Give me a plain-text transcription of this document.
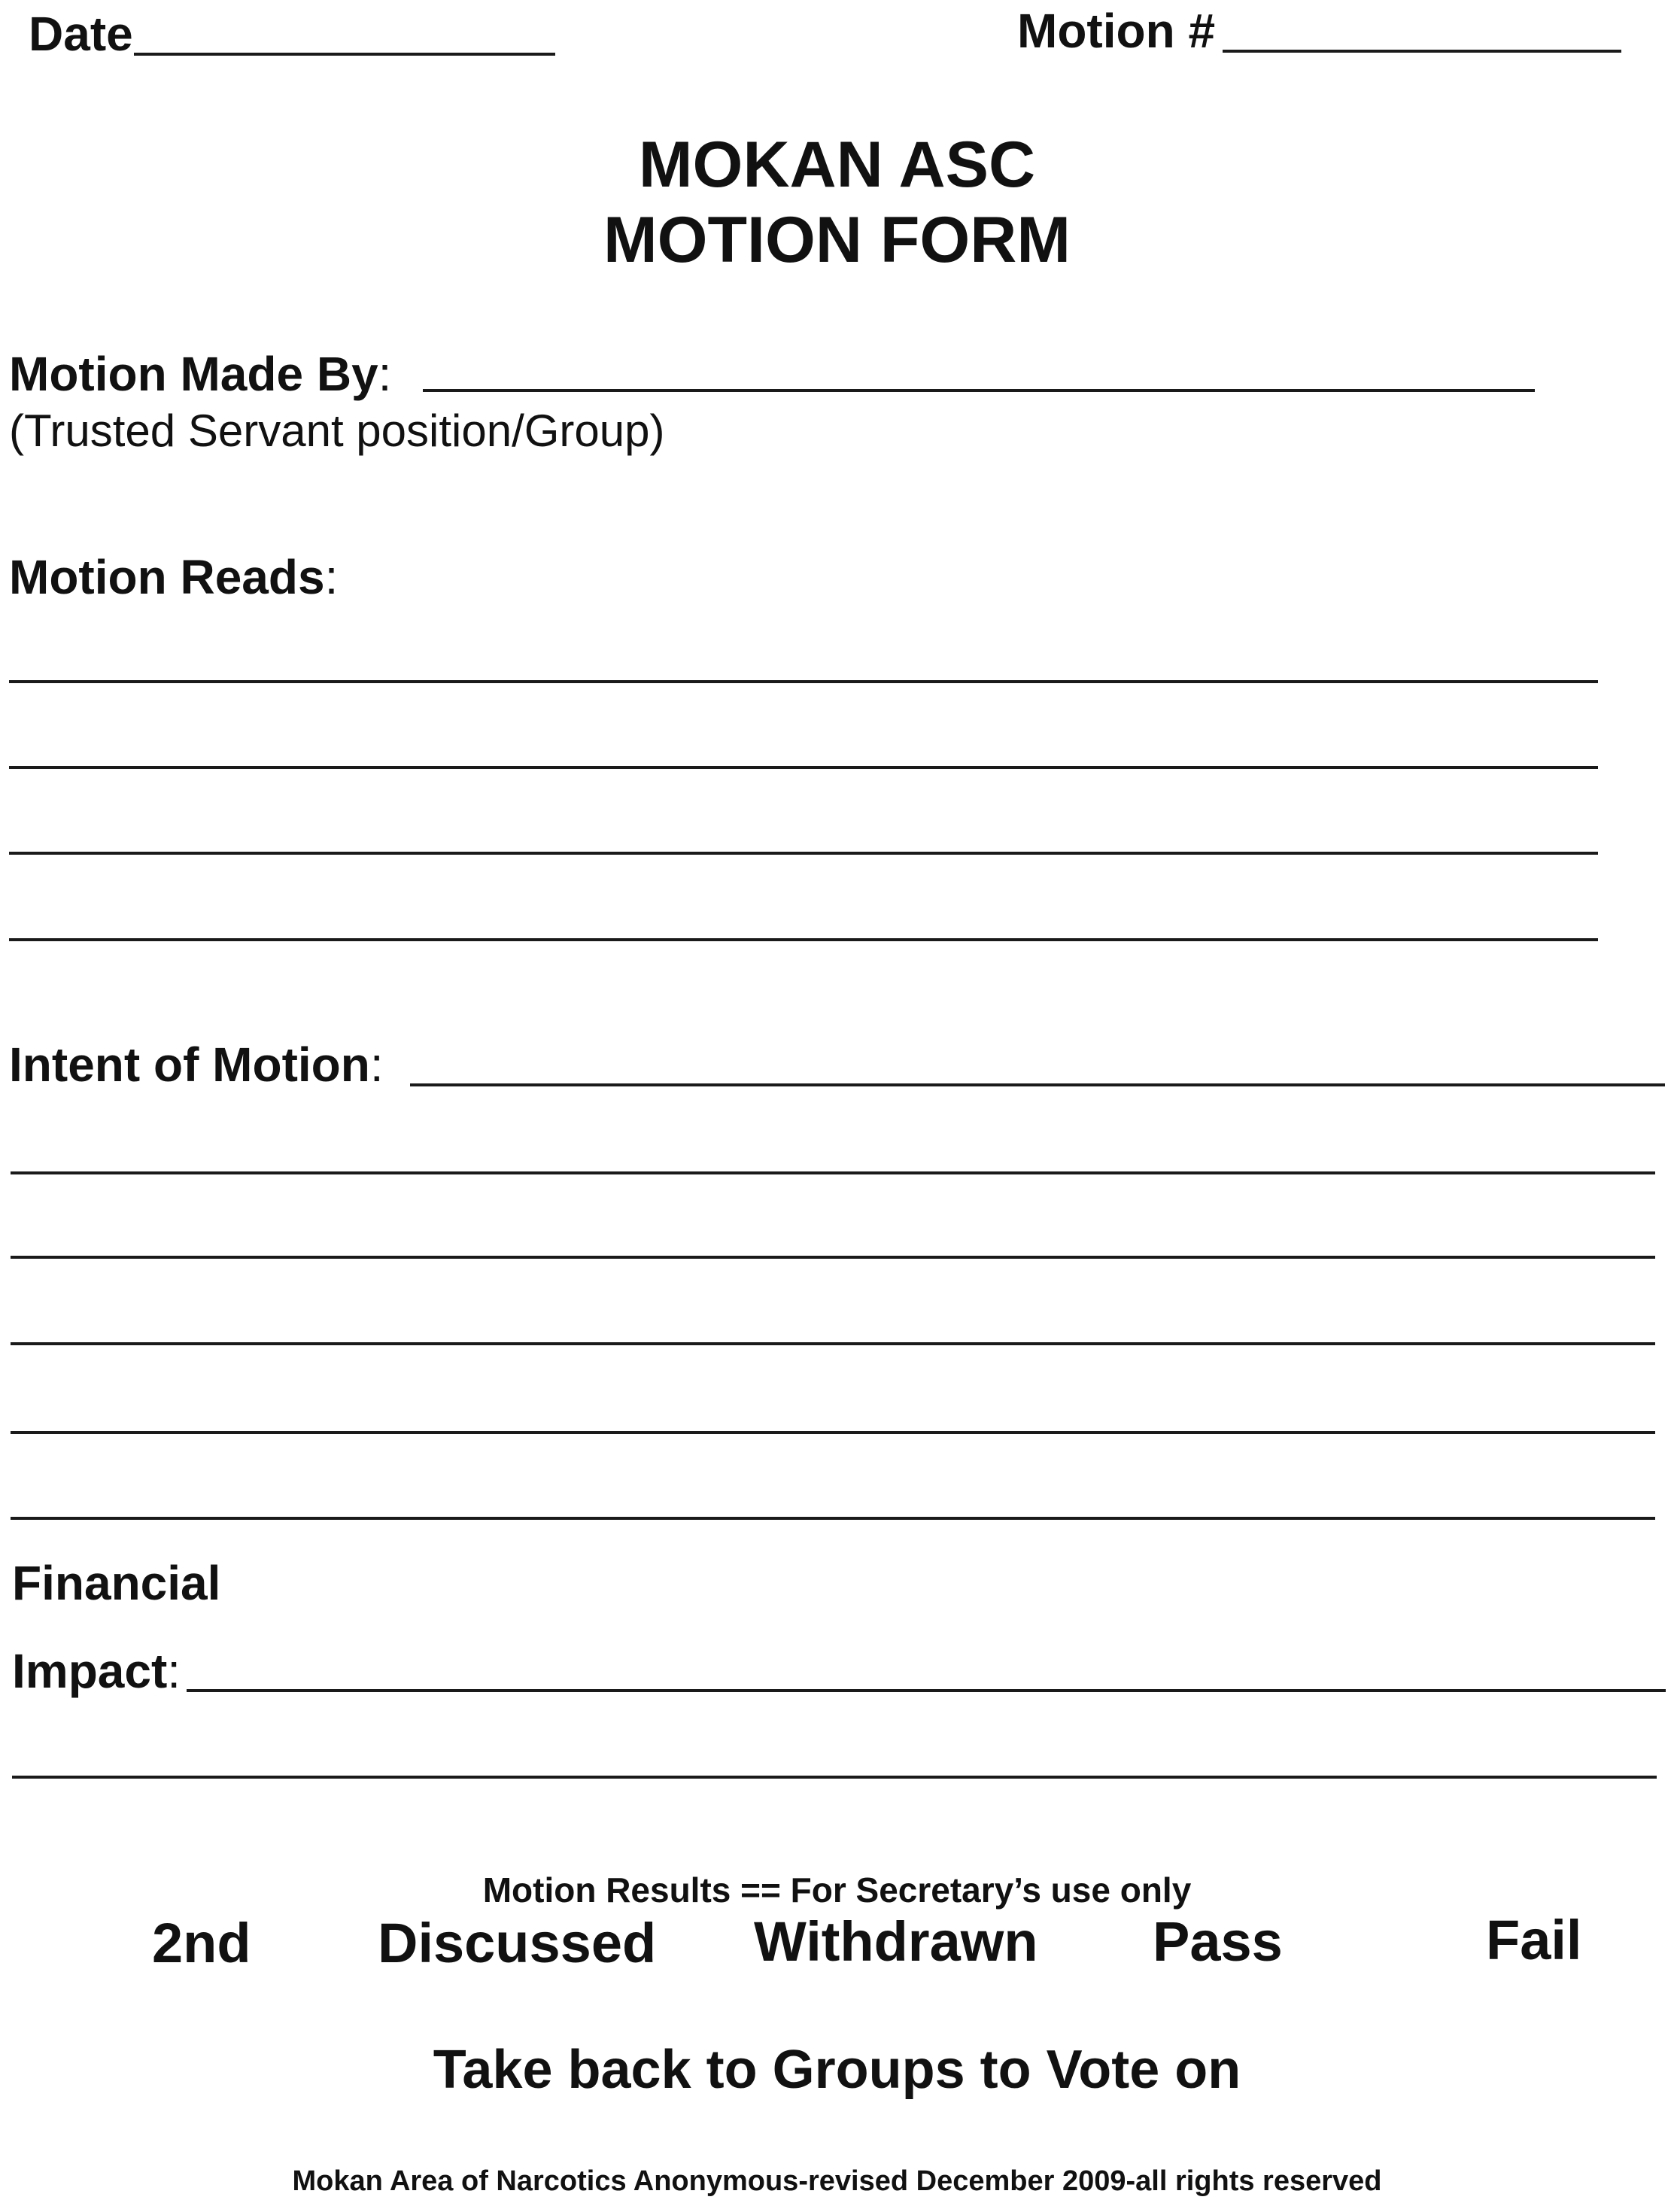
Date	Motion #
MOKAN ASC
MOTION FORM
Motion Made By:
(Trusted Servant position/Group)
Motion Reads:
Intent of Motion:
Financial
Impact:
Motion Results == For Secretary’s use only
2nd Discussed Withdrawn Pass	Fail
Take back to Groups to Vote on
Mokan Area of Narcotics Anonymous-revised December 2009-all rights reserved
